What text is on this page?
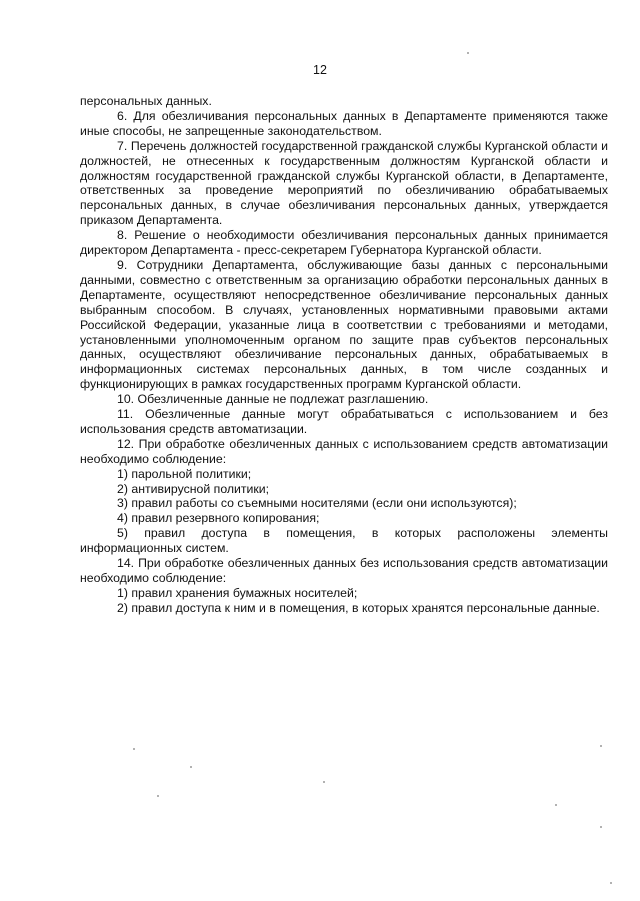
12

персональных данных.

6. Для обезличивания персональных данных в Департаменте применяются также иные способы, не запрещенные законодательством.

7. Перечень должностей государственной гражданской службы Курганской области и должностей, не отнесенных к государственным должностям Курганской области и должностям государственной гражданской службы Курганской области, в Департаменте, ответственных за проведение мероприятий по обезличиванию обрабатываемых персональных данных, в случае обезличивания персональных данных, утверждается приказом Департамента.

8. Решение о необходимости обезличивания персональных данных принимается директором Департамента - пресс-секретарем Губернатора Курганской области.

9. Сотрудники Департамента, обслуживающие базы данных с персональными данными, совместно с ответственным за организацию обработки персональных данных в Департаменте, осуществляют непосредственное обезличивание персональных данных выбранным способом. В случаях, установленных нормативными правовыми актами Российской Федерации, указанные лица в соответствии с требованиями и методами, установленными уполномоченным органом по защите прав субъектов персональных данных, осуществляют обезличивание персональных данных, обрабатываемых в информационных системах персональных данных, в том числе созданных и функционирующих в рамках государственных программ Курганской области.

10. Обезличенные данные не подлежат разглашению.

11. Обезличенные данные могут обрабатываться с использованием и без использования средств автоматизации.

12. При обработке обезличенных данных с использованием средств автоматизации необходимо соблюдение:

1) парольной политики;

2) антивирусной политики;

3) правил работы со съемными носителями (если они используются);

4) правил резервного копирования;

5) правил доступа в помещения, в которых расположены элементы информационных систем.

14. При обработке обезличенных данных без использования средств автоматизации необходимо соблюдение:

1) правил хранения бумажных носителей;

2) правил доступа к ним и в помещения, в которых хранятся персональные данные.
